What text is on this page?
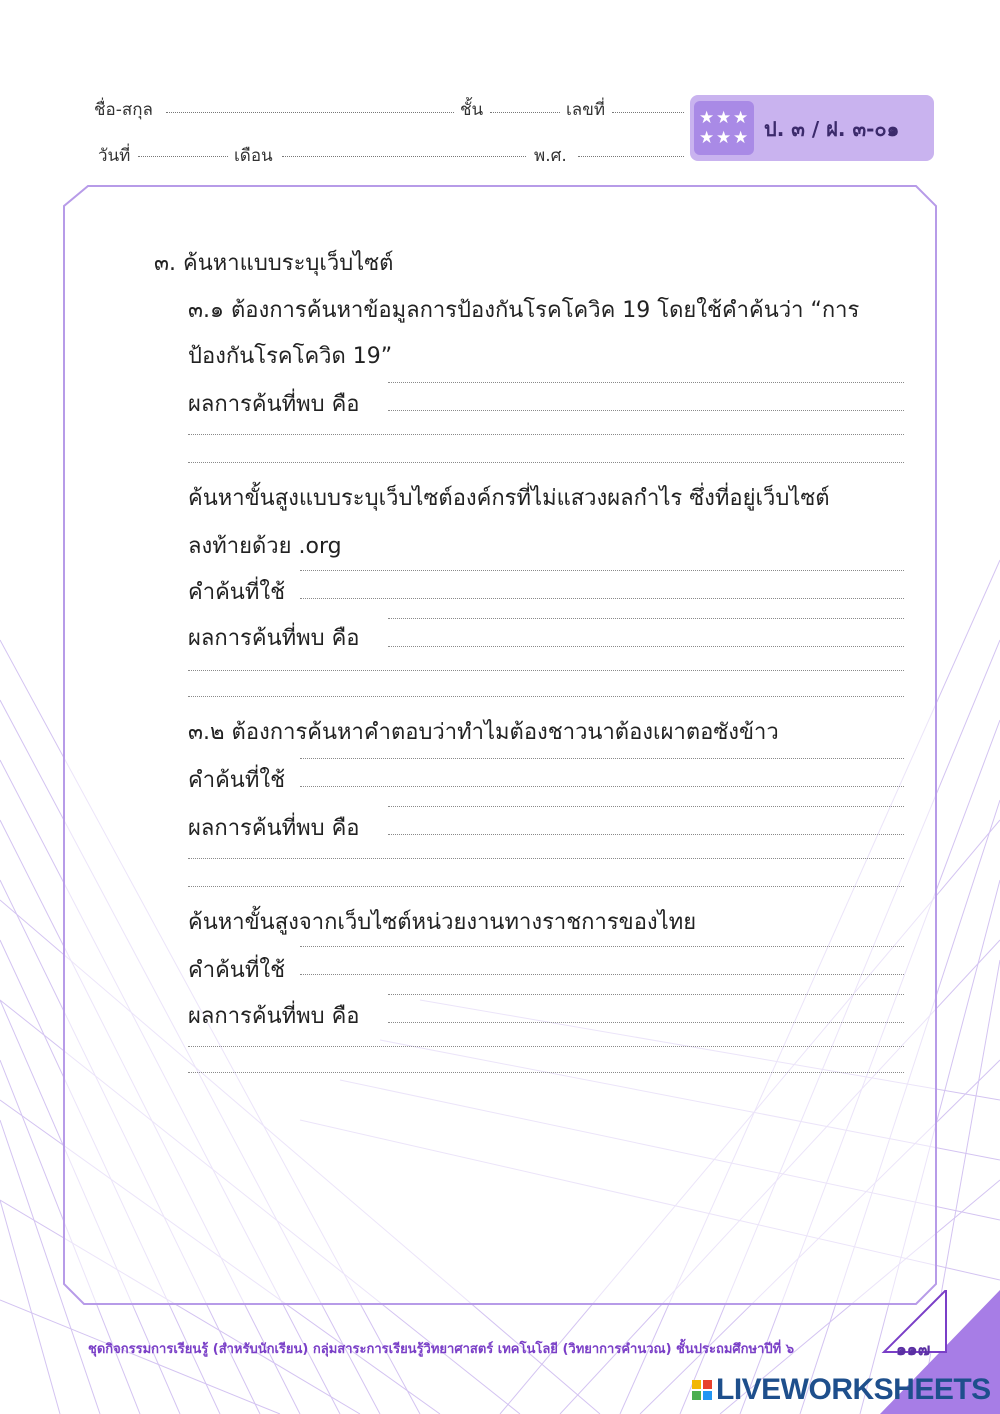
ชื่อ-สกุล	ชั้น	เลขที่
วันที่	เดือน	พ.ศ.
★ ★ ★
★ ★ ★ ป. ๓ / ฝ. ๓-๐๑
๓. ค้นหาแบบระบุเว็บไซต์
๓.๑ ต้องการค้นหาข้อมูลการป้องกันโรคโควิค 19 โดยใช้คำค้นว่า “การ
ป้องกันโรคโควิด 19”
ผลการค้นที่พบ คือ
ค้นหาขั้นสูงแบบระบุเว็บไซต์องค์กรที่ไม่แสวงผลกำไร ซึ่งที่อยู่เว็บไซต์
ลงท้ายด้วย .org
คำค้นที่ใช้
ผลการค้นที่พบ คือ
๓.๒ ต้องการค้นหาคำตอบว่าทำไมต้องชาวนาต้องเผาตอซังข้าว
คำค้นที่ใช้
ผลการค้นที่พบ คือ
ค้นหาขั้นสูงจากเว็บไซต์หน่วยงานทางราชการของไทย
คำค้นที่ใช้
ผลการค้นที่พบ คือ
ชุดกิจกรรมการเรียนรู้ (สำหรับนักเรียน) กลุ่มสาระการเรียนรู้วิทยาศาสตร์ เทคโนโลยี (วิทยาการคำนวณ) ชั้นประถมศึกษาปีที่ ๖	๑๑๗
LIVEWORKSHEETS
